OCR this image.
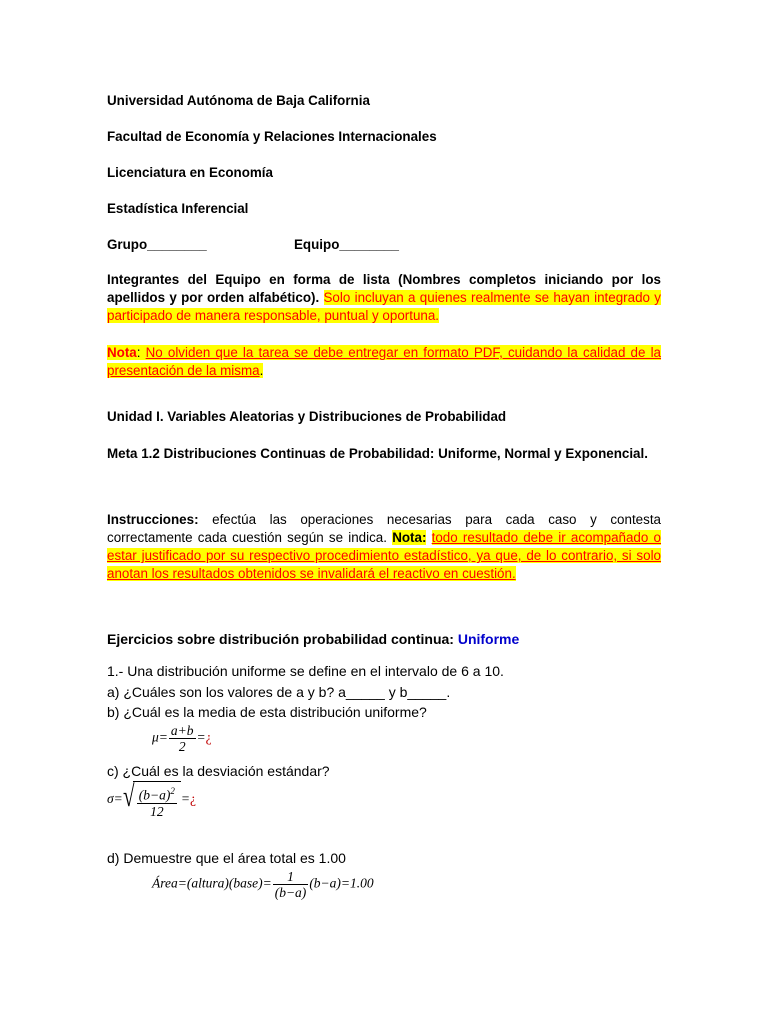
Universidad Autónoma de Baja California
Facultad de Economía y Relaciones Internacionales
Licenciatura en Economía
Estadística Inferencial
Grupo________	Equipo________
Integrantes del Equipo en forma de lista (Nombres completos iniciando por los apellidos y por orden alfabético). Solo incluyan a quienes realmente se hayan integrado y participado de manera responsable, puntual y oportuna.
Nota: No olviden que la tarea se debe entregar en formato PDF, cuidando la calidad de la presentación de la misma.
Unidad I. Variables Aleatorias y Distribuciones de Probabilidad
Meta 1.2 Distribuciones Continuas de Probabilidad: Uniforme, Normal y Exponencial.
Instrucciones: efectúa las operaciones necesarias para cada caso y contesta correctamente cada cuestión según se indica. Nota: todo resultado debe ir acompañado o estar justificado por su respectivo procedimiento estadístico, ya que, de lo contrario, si solo anotan los resultados obtenidos se invalidará el reactivo en cuestión.
Ejercicios sobre distribución probabilidad continua: Uniforme
1.- Una distribución uniforme se define en el intervalo de 6 a 10.
a) ¿Cuáles son los valores de a y b? a_____ y b_____.
b) ¿Cuál es la media de esta distribución uniforme?
$\mu= \frac{a+b}{2}$ =¿
c) ¿Cuál es la desviación estándar?
σ= √ $\frac{(b-a)^2}{12}$ =¿
d) Demuestre que el área total es 1.00
Área=(altura)(base)= $\frac{1}{(b-a)} (b-a)=1.00$
